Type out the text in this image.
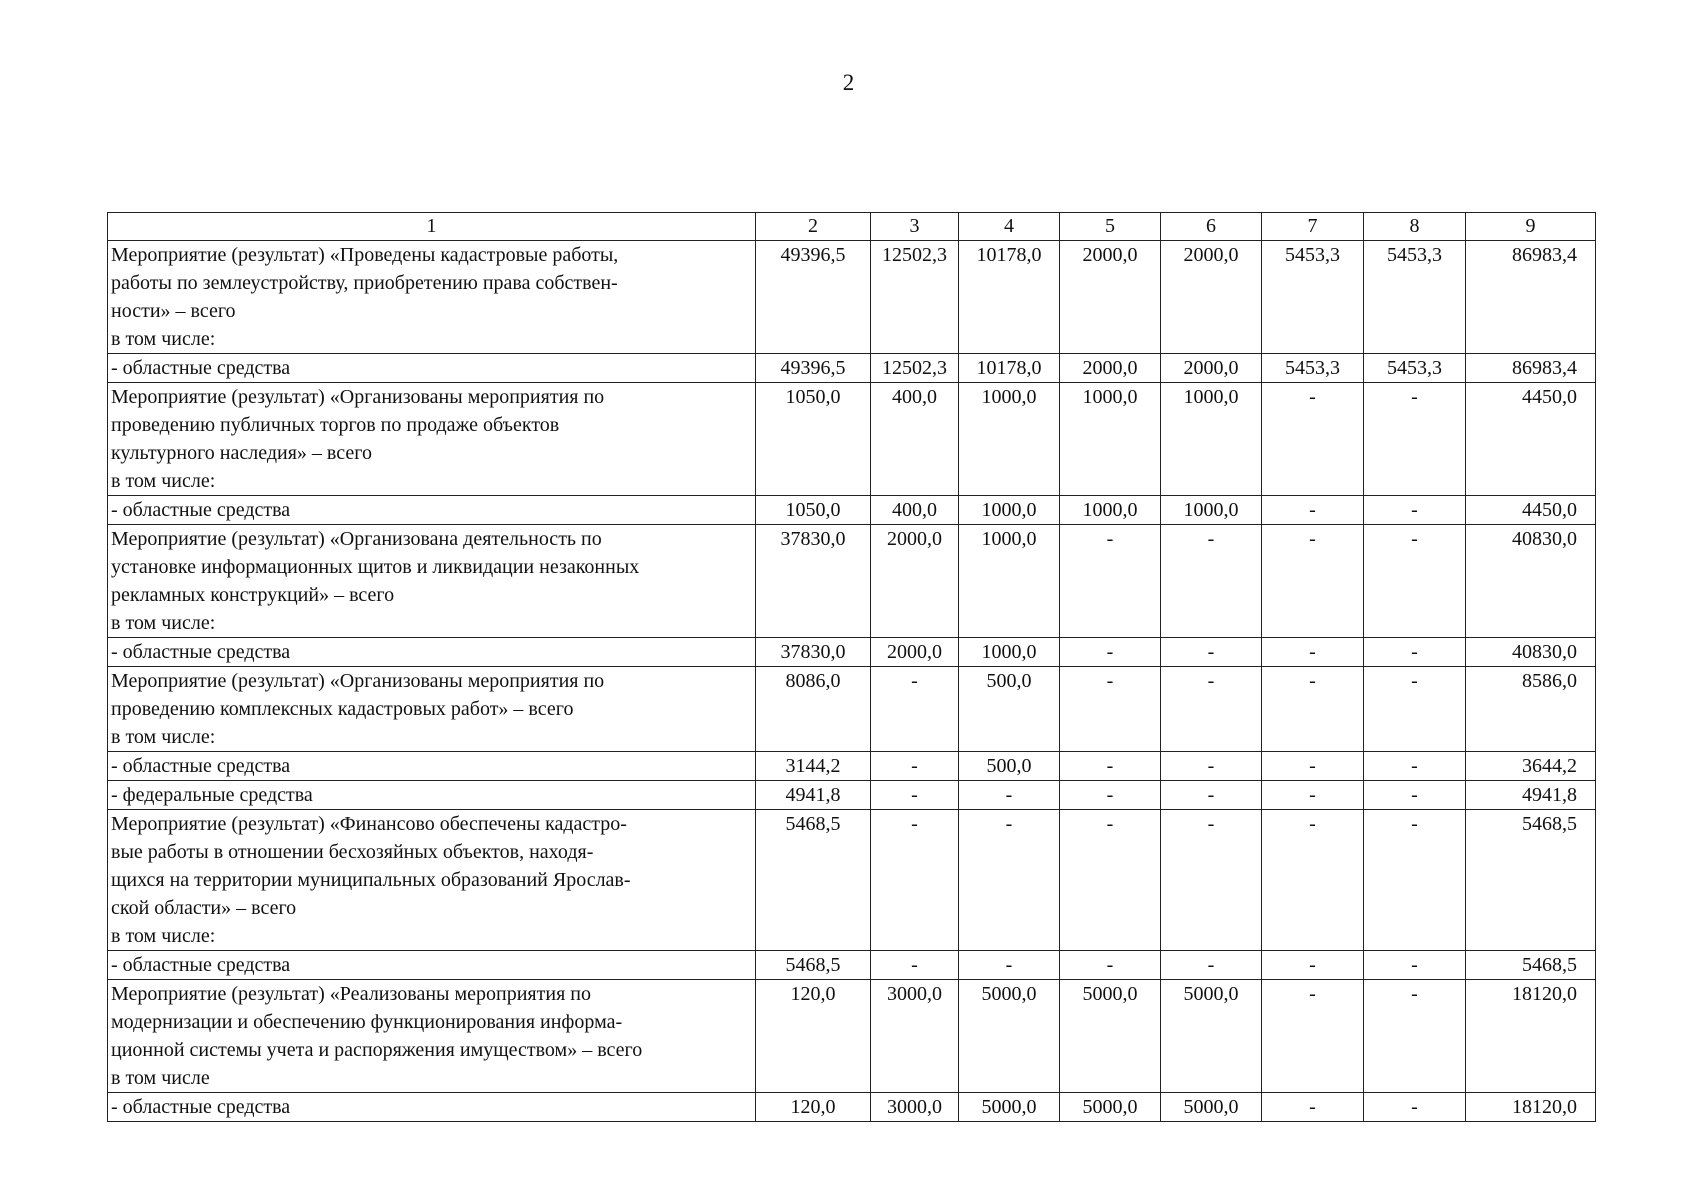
2
1	2	3	4	5	6	7	8	9

Мероприятие (результат) «Проведены кадастровые работы,
работы по землеустройству, приобретению права собствен-
ности» – всего
в том числе:	49396,5	12502,3	10178,0	2000,0	2000,0	5453,3	5453,3	86983,4

- областные средства	49396,5	12502,3	10178,0	2000,0	2000,0	5453,3	5453,3	86983,4

Мероприятие (результат) «Организованы мероприятия по
проведению публичных торгов по продаже объектов
культурного наследия» – всего
в том числе:	1050,0	400,0	1000,0	1000,0	1000,0	-	-	4450,0

- областные средства	1050,0	400,0	1000,0	1000,0	1000,0	-	-	4450,0

Мероприятие (результат) «Организована деятельность по
установке информационных щитов и ликвидации незаконных
рекламных конструкций» – всего
в том числе:	37830,0	2000,0	1000,0	-	-	-	-	40830,0

- областные средства	37830,0	2000,0	1000,0	-	-	-	-	40830,0

Мероприятие (результат) «Организованы мероприятия по
проведению комплексных кадастровых работ» – всего
в том числе:	8086,0	-	500,0	-	-	-	-	8586,0

- областные средства	3144,2	-	500,0	-	-	-	-	3644,2

- федеральные средства	4941,8	-	-	-	-	-	-	4941,8

Мероприятие (результат) «Финансово обеспечены кадастро-
вые работы в отношении бесхозяйных объектов, находя-
щихся на территории муниципальных образований Ярослав-
ской области» – всего
в том числе:	5468,5	-	-	-	-	-	-	5468,5

- областные средства	5468,5	-	-	-	-	-	-	5468,5

Мероприятие (результат) «Реализованы мероприятия по
модернизации и обеспечению функционирования информа-
ционной системы учета и распоряжения имуществом» – всего
в том числе	120,0	3000,0	5000,0	5000,0	5000,0	-	-	18120,0

- областные средства	120,0	3000,0	5000,0	5000,0	5000,0	-	-	18120,0
